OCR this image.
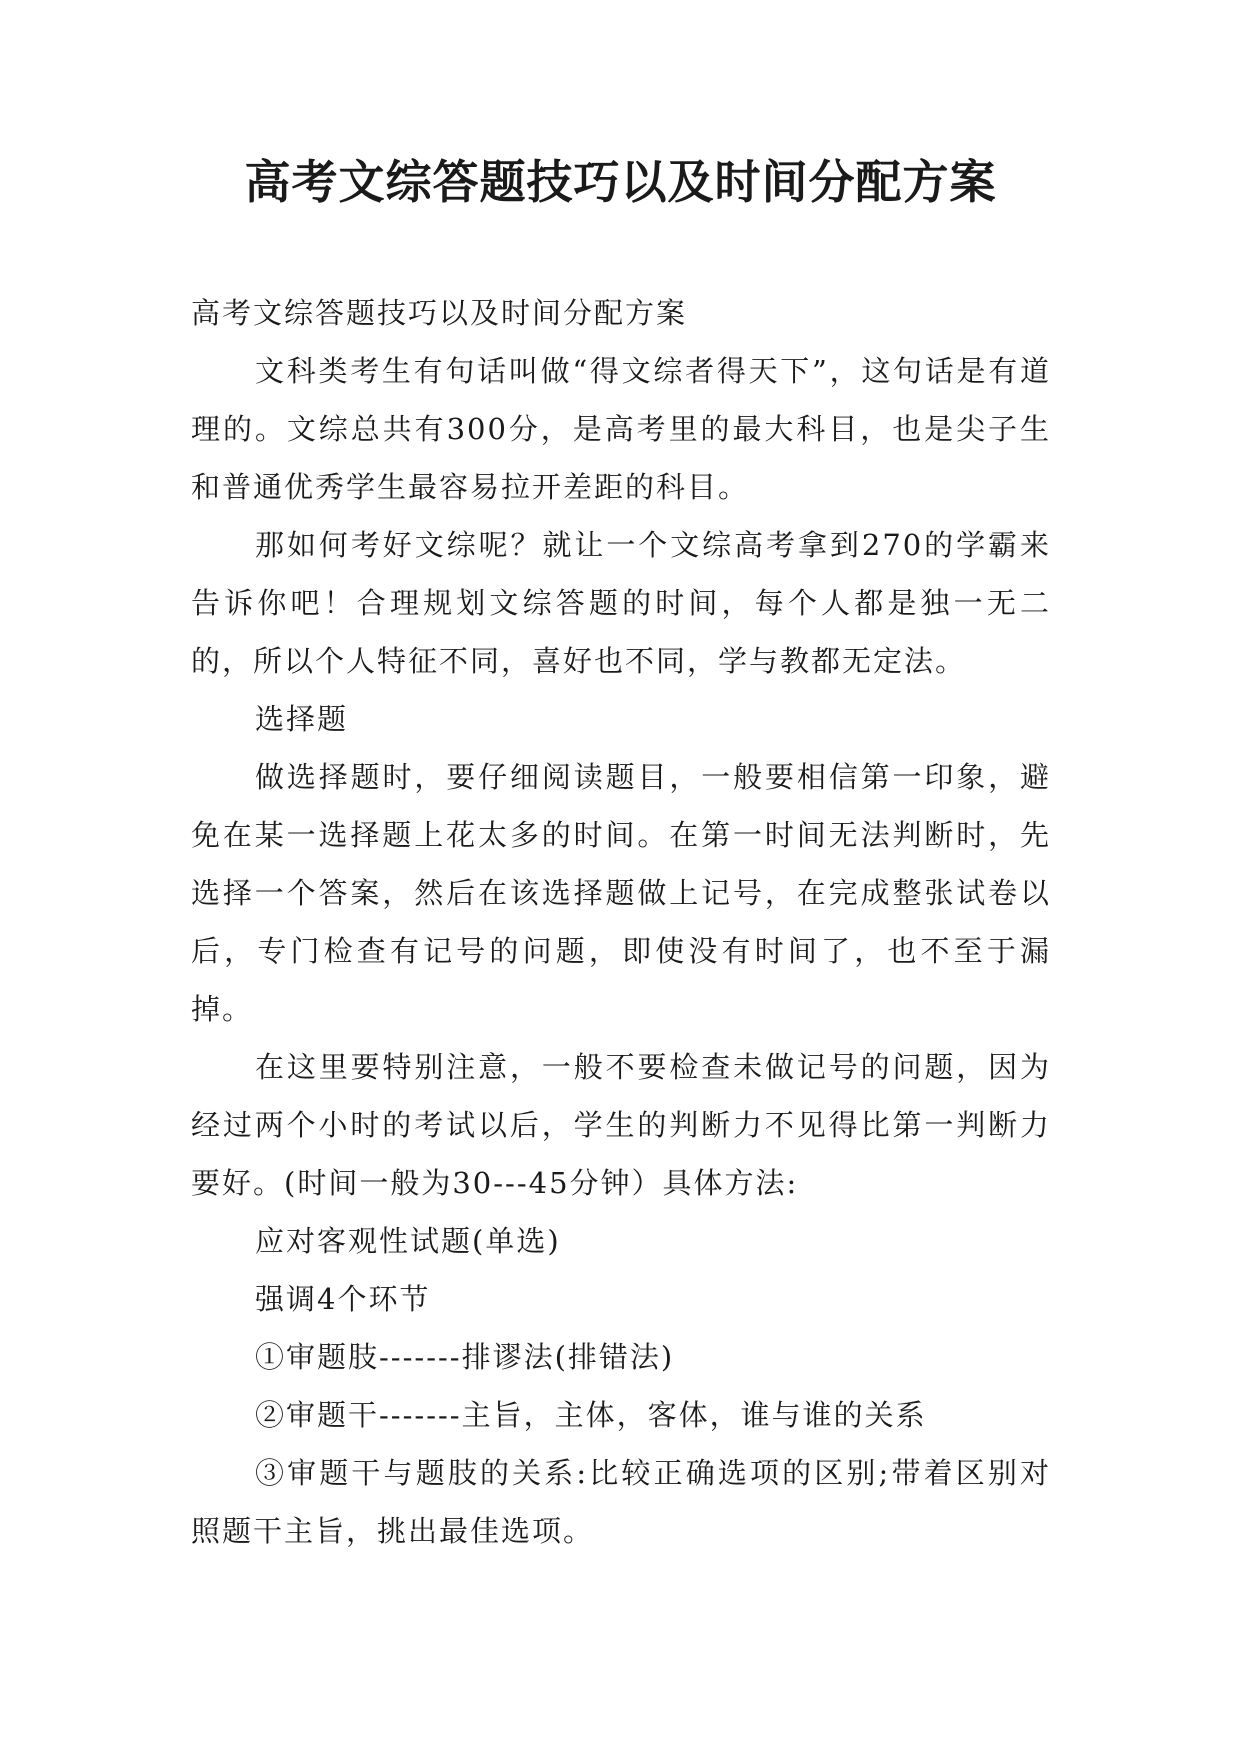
高考文综答题技巧以及时间分配方案

高考文综答题技巧以及时间分配方案

文科类考生有句话叫做“得文综者得天下”，这句话是有道理的。文综总共有300分，是高考里的最大科目，也是尖子生和普通优秀学生最容易拉开差距的科目。

那如何考好文综呢？就让一个文综高考拿到270的学霸来告诉你吧！合理规划文综答题的时间，每个人都是独一无二的，所以个人特征不同，喜好也不同，学与教都无定法。

选择题

做选择题时，要仔细阅读题目，一般要相信第一印象，避免在某一选择题上花太多的时间。在第一时间无法判断时，先选择一个答案，然后在该选择题做上记号，在完成整张试卷以后，专门检查有记号的问题，即使没有时间了，也不至于漏掉。

在这里要特别注意，一般不要检查未做记号的问题，因为经过两个小时的考试以后，学生的判断力不见得比第一判断力要好。(时间一般为30---45分钟）具体方法:

应对客观性试题(单选)

强调4个环节

①审题肢-------排谬法(排错法)

②审题干-------主旨，主体，客体，谁与谁的关系

③审题干与题肢的关系:比较正确选项的区别;带着区别对照题干主旨，挑出最佳选项。
